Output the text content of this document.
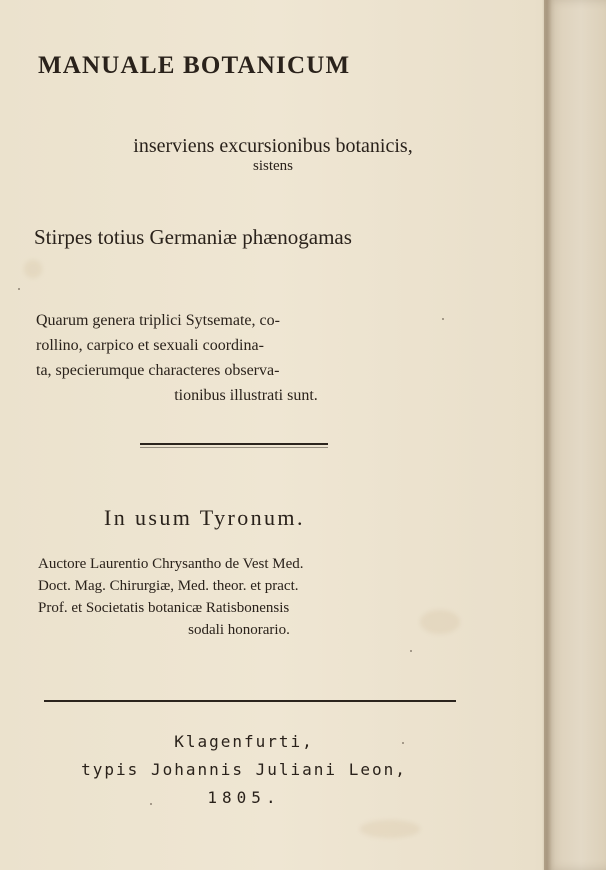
MANUALE BOTANICUM
inserviens excursionibus botanicis,
sistens
Stirpes totius Germaniæ phænogamas
Quarum genera triplici Sytsemate, co-
rollino, carpico et sexuali coordina-
ta, specierumque characteres observa-
tionibus illustrati sunt.
In usum Tyronum.
Auctore Laurentio Chrysantho de Vest Med.
Doct. Mag. Chirurgiæ, Med. theor. et pract.
Prof. et Societatis botanicæ Ratisbonensis
sodali honorario.
Klagenfurti,
typis Johannis Juliani Leon,
1805.
